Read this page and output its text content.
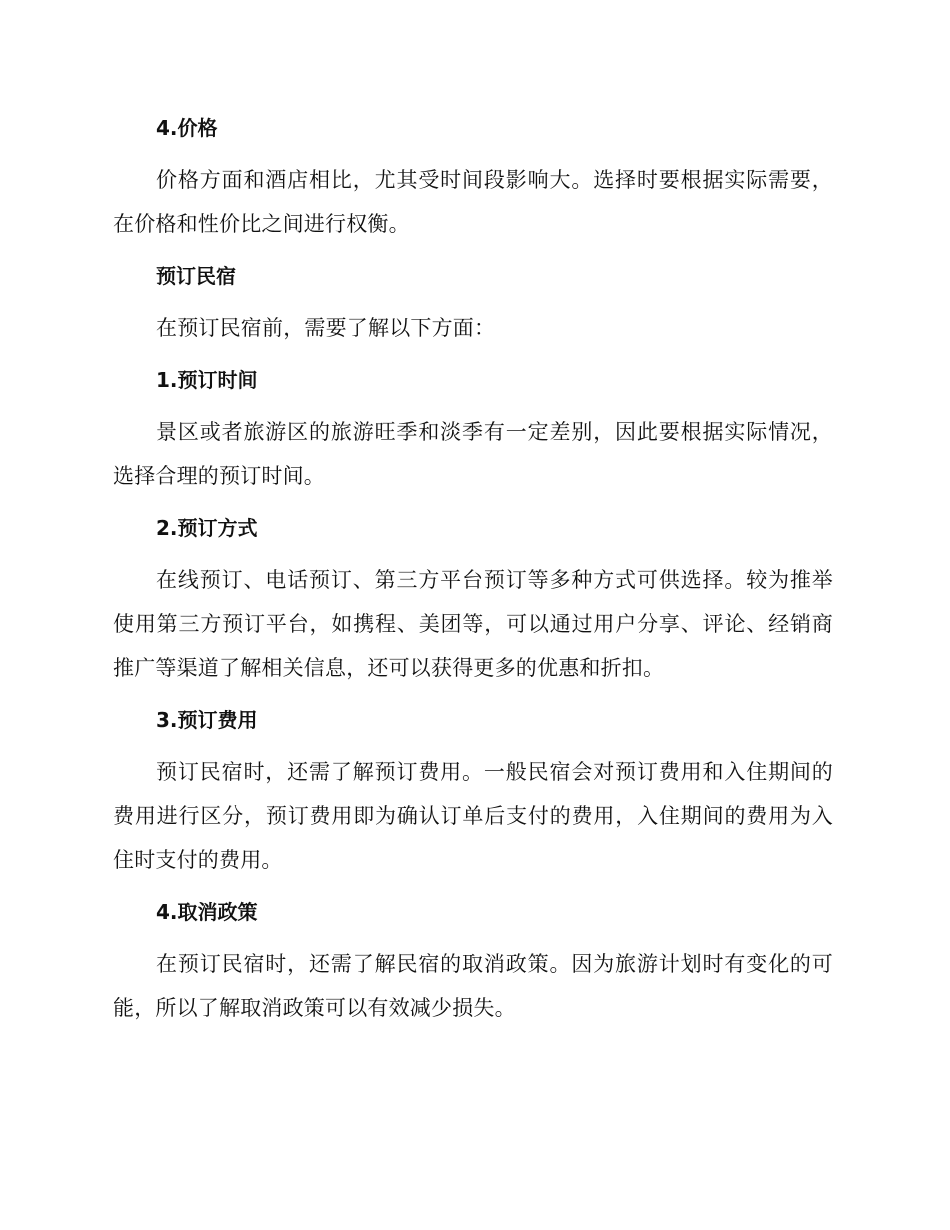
4.价格

价格方面和酒店相比，尤其受时间段影响大。选择时要根据实际需要，在价格和性价比之间进行权衡。

预订民宿

在预订民宿前，需要了解以下方面：

1.预订时间

景区或者旅游区的旅游旺季和淡季有一定差别，因此要根据实际情况，选择合理的预订时间。

2.预订方式

在线预订、电话预订、第三方平台预订等多种方式可供选择。较为推举使用第三方预订平台，如携程、美团等，可以通过用户分享、评论、经销商推广等渠道了解相关信息，还可以获得更多的优惠和折扣。

3.预订费用

预订民宿时，还需了解预订费用。一般民宿会对预订费用和入住期间的费用进行区分，预订费用即为确认订单后支付的费用，入住期间的费用为入住时支付的费用。

4.取消政策

在预订民宿时，还需了解民宿的取消政策。因为旅游计划时有变化的可能，所以了解取消政策可以有效减少损失。
